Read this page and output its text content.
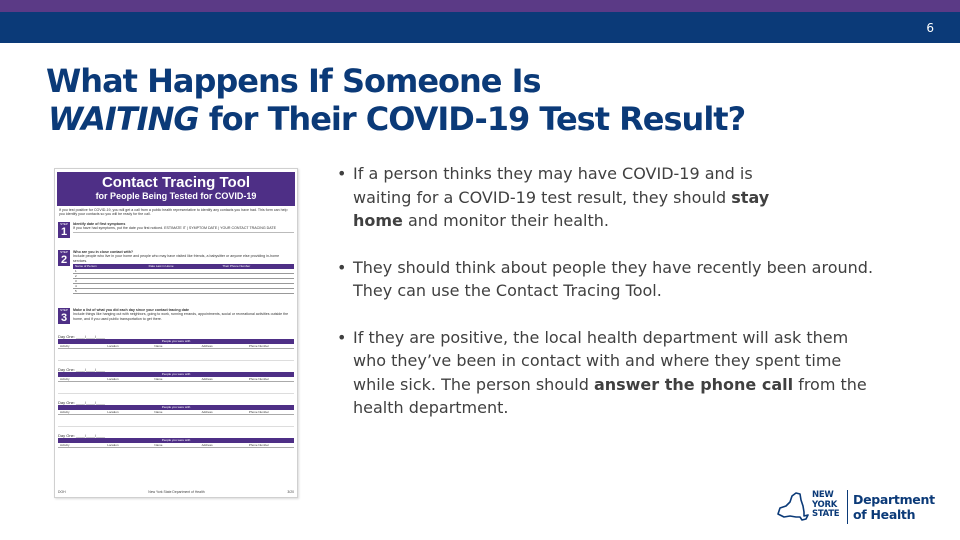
6
What Happens If Someone Is
WAITING for Their COVID-19 Test Result?
Contact Tracing Tool
for People Being Tested for COVID-19
If you test positive for COVID-19, you will get a call from a public health representative to identify any contacts you have had. This form can help you identify your contacts so you will be ready for the call.
STEP
1
Identify date of first symptoms
If you have had symptoms, put the date you first noticed. ESTIMATE IT | SYMPTOM DATE | YOUR CONTACT TRACING DATE
STEP
2
Who are you in close contact with?
Include people who live in your home and people who may have visited like friends, a babysitter or anyone else providing in-home services.
Name of Person	Date Last in Home	Their Phone Number
1
2
3
4
5
STEP
3
Make a list of what you did each day since your contact tracing date
Include things like hanging out with neighbors, going to work, running errands, appointments, social or recreational activities outside the home, and if you used public transportation to get there.
Day One: ____/____/____
People you were with
Activity	Location	Name	Address	Phone Number
Day One: ____/____/____
People you were with
Activity	Location	Name	Address	Phone Number
Day One: ____/____/____
People you were with
Activity	Location	Name	Address	Phone Number
Day One: ____/____/____
People you were with
Activity	Location	Name	Address	Phone Number
DOH	New York State Department of Health	3/20
• If a person thinks they may have COVID-19 and is waiting for a COVID-19 test result, they should stay home and monitor their health.
• They should think about people they have recently been around. They can use the Contact Tracing Tool.
• If they are positive, the local health department will ask them who they’ve been in contact with and where they spent time while sick. The person should answer the phone call from the health department.
NEW
YORK
STATE
Department
of Health
